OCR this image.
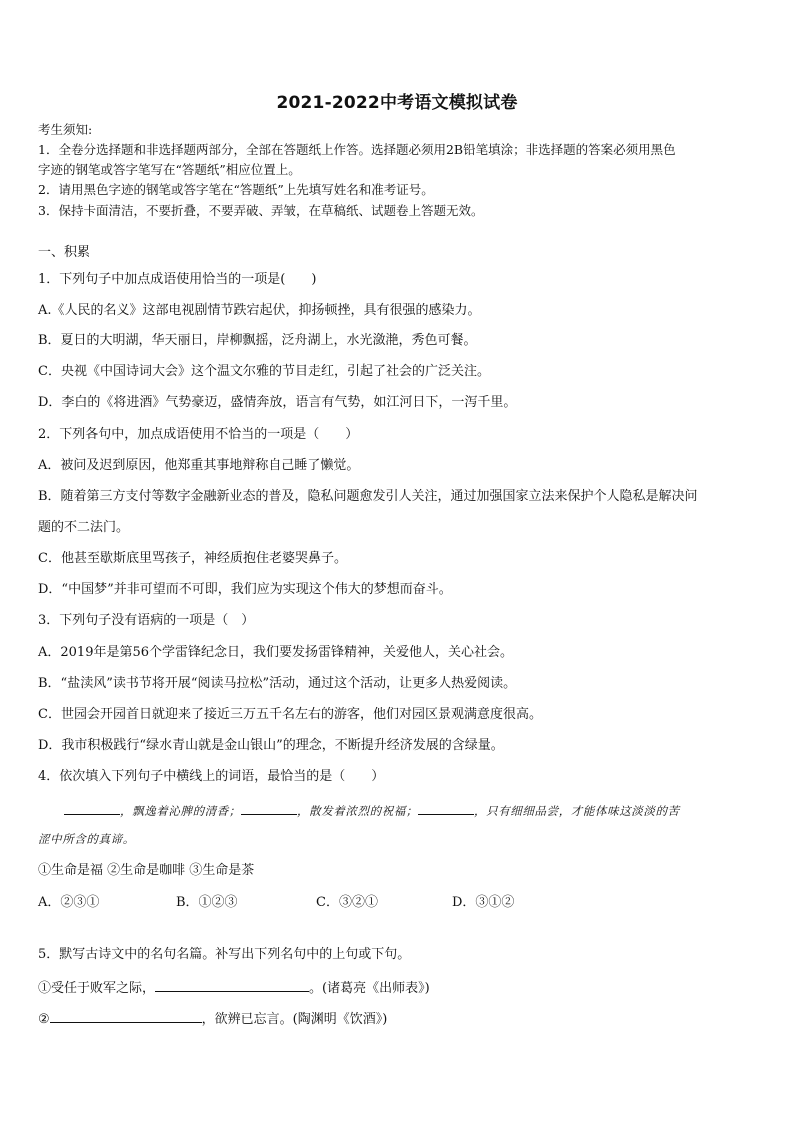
2021-2022中考语文模拟试卷
考生须知:
1．全卷分选择题和非选择题两部分，全部在答题纸上作答。选择题必须用2B铅笔填涂；非选择题的答案必须用黑色
字迹的钢笔或答字笔写在“答题纸”相应位置上。
2．请用黑色字迹的钢笔或答字笔在“答题纸”上先填写姓名和准考证号。
3．保持卡面清洁，不要折叠，不要弄破、弄皱，在草稿纸、试题卷上答题无效。
一、积累
1．下列句子中加点成语使用恰当的一项是(　　)
A.《人民的名义》这部电视剧情节跌宕起伏，抑扬顿挫，具有很强的感染力。
B．夏日的大明湖，华天丽日，岸柳飘摇，泛舟湖上，水光潋滟，秀色可餐。
C．央视《中国诗词大会》这个温文尔雅的节目走红，引起了社会的广泛关注。
D．李白的《将进酒》气势豪迈，盛情奔放，语言有气势，如江河日下，一泻千里。
2．下列各句中，加点成语使用不恰当的一项是（　　）
A．被问及迟到原因，他郑重其事地辩称自己睡了懒觉。
B．随着第三方支付等数字金融新业态的普及，隐私问题愈发引人关注，通过加强国家立法来保护个人隐私是解决问
题的不二法门。
C．他甚至歇斯底里骂孩子，神经质抱住老婆哭鼻子。
D．“中国梦”并非可望而不可即，我们应为实现这个伟大的梦想而奋斗。
3．下列句子没有语病的一项是（　）
A．2019年是第56个学雷锋纪念日，我们要发扬雷锋精神，关爱他人，关心社会。
B．“盐渎风”读书节将开展“阅读马拉松”活动，通过这个活动，让更多人热爱阅读。
C．世园会开园首日就迎来了接近三万五千名左右的游客，他们对园区景观满意度很高。
D．我市积极践行“绿水青山就是金山银山”的理念，不断提升经济发展的含绿量。
4．依次填入下列句子中横线上的词语，最恰当的是（　　）
，飘逸着沁脾的清香；	，散发着浓烈的祝福；	，只有细细品尝，才能体味这淡淡的苦
涩中所含的真谛。
①生命是福 ②生命是咖啡 ③生命是茶
A．②③①	B．①②③	C．③②①	D．③①②
5．默写古诗文中的名句名篇。补写出下列名句中的上句或下句。
①受任于败军之际，	。(诸葛亮《出师表》)
②	，欲辨已忘言。(陶渊明《饮酒》)
